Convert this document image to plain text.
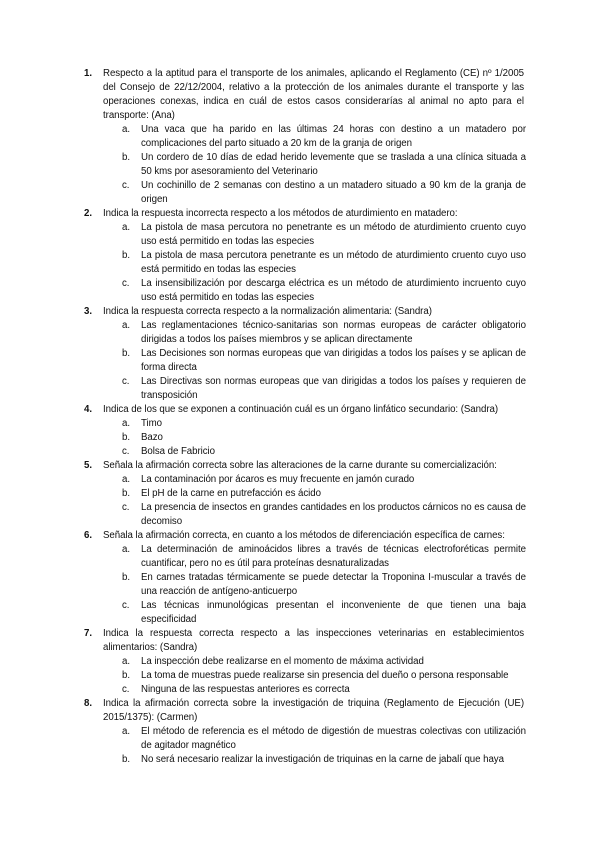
1. Respecto a la aptitud para el transporte de los animales, aplicando el Reglamento (CE) nº 1/2005 del Consejo de 22/12/2004, relativo a la protección de los animales durante el transporte y las operaciones conexas, indica en cuál de estos casos considerarías al animal no apto para el transporte: (Ana)
a. Una vaca que ha parido en las últimas 24 horas con destino a un matadero por complicaciones del parto situado a 20 km de la granja de origen
b. Un cordero de 10 días de edad herido levemente que se traslada a una clínica situada a 50 kms por asesoramiento del Veterinario
c. Un cochinillo de 2 semanas con destino a un matadero situado a 90 km de la granja de origen
2. Indica la respuesta incorrecta respecto a los métodos de aturdimiento en matadero:
a. La pistola de masa percutora no penetrante es un método de aturdimiento cruento cuyo uso está permitido en todas las especies
b. La pistola de masa percutora penetrante es un método de aturdimiento cruento cuyo uso está permitido en todas las especies
c. La insensibilización por descarga eléctrica es un método de aturdimiento incruento cuyo uso está permitido en todas las especies
3. Indica la respuesta correcta respecto a la normalización alimentaria: (Sandra)
a. Las reglamentaciones técnico-sanitarias son normas europeas de carácter obligatorio dirigidas a todos los países miembros y se aplican directamente
b. Las Decisiones son normas europeas que van dirigidas a todos los países y se aplican de forma directa
c. Las Directivas son normas europeas que van dirigidas a todos los países y requieren de transposición
4. Indica de los que se exponen a continuación cuál es un órgano linfático secundario: (Sandra)
a. Timo
b. Bazo
c. Bolsa de Fabricio
5. Señala la afirmación correcta sobre las alteraciones de la carne durante su comercialización:
a. La contaminación por ácaros es muy frecuente en jamón curado
b. El pH de la carne en putrefacción es ácido
c. La presencia de insectos en grandes cantidades en los productos cárnicos no es causa de decomiso
6. Señala la afirmación correcta, en cuanto a los métodos de diferenciación específica de carnes:
a. La determinación de aminoácidos libres a través de técnicas electroforéticas permite cuantificar, pero no es útil para proteínas desnaturalizadas
b. En carnes tratadas térmicamente se puede detectar la Troponina I-muscular a través de una reacción de antígeno-anticuerpo
c. Las técnicas inmunológicas presentan el inconveniente de que tienen una baja especificidad
7. Indica la respuesta correcta respecto a las inspecciones veterinarias en establecimientos alimentarios: (Sandra)
a. La inspección debe realizarse en el momento de máxima actividad
b. La toma de muestras puede realizarse sin presencia del dueño o persona responsable
c. Ninguna de las respuestas anteriores es correcta
8. Indica la afirmación correcta sobre la investigación de triquina (Reglamento de Ejecución (UE) 2015/1375): (Carmen)
a. El método de referencia es el método de digestión de muestras colectivas con utilización de agitador magnético
b. No será necesario realizar la investigación de triquinas en la carne de jabalí que haya
